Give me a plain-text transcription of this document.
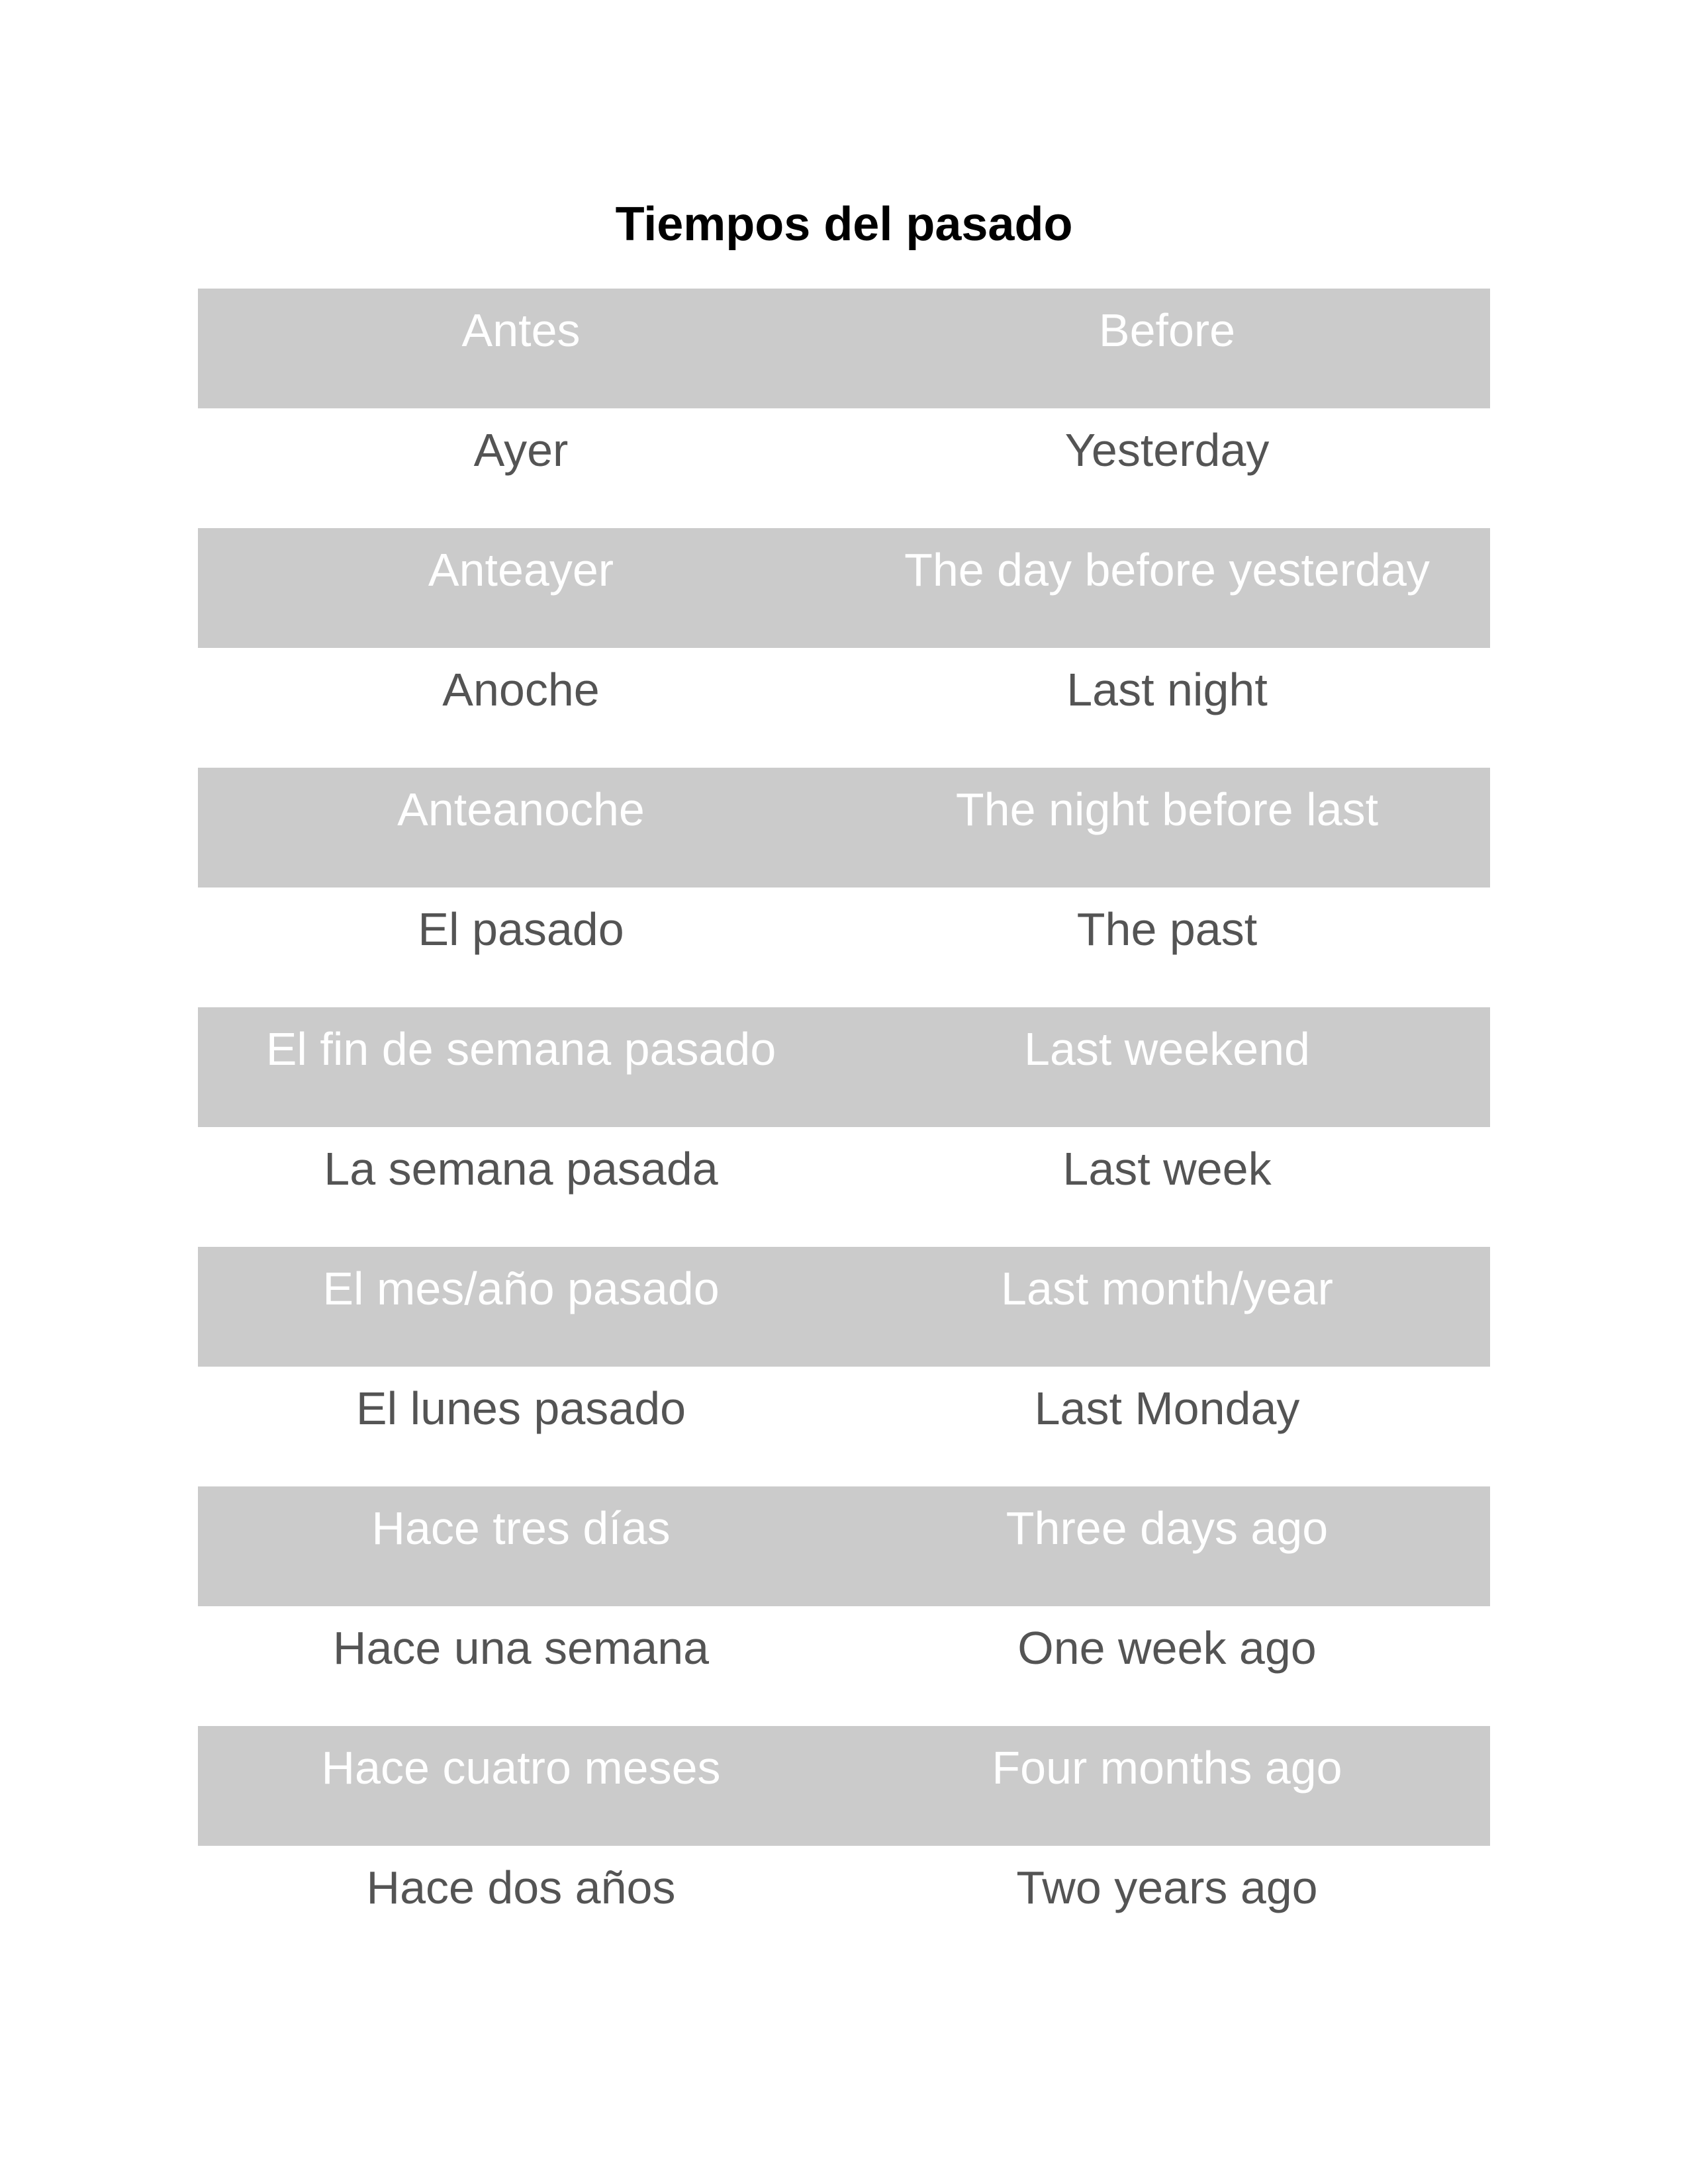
Tiempos del pasado
Antes	Before
Ayer	Yesterday
Anteayer	The day before yesterday
Anoche	Last night
Anteanoche	The night before last
El pasado	The past
El fin de semana pasado	Last weekend
La semana pasada	Last week
El mes/año pasado	Last month/year
El lunes pasado	Last Monday
Hace tres días	Three days ago
Hace una semana	One week ago
Hace cuatro meses	Four months ago
Hace dos años	Two years ago
